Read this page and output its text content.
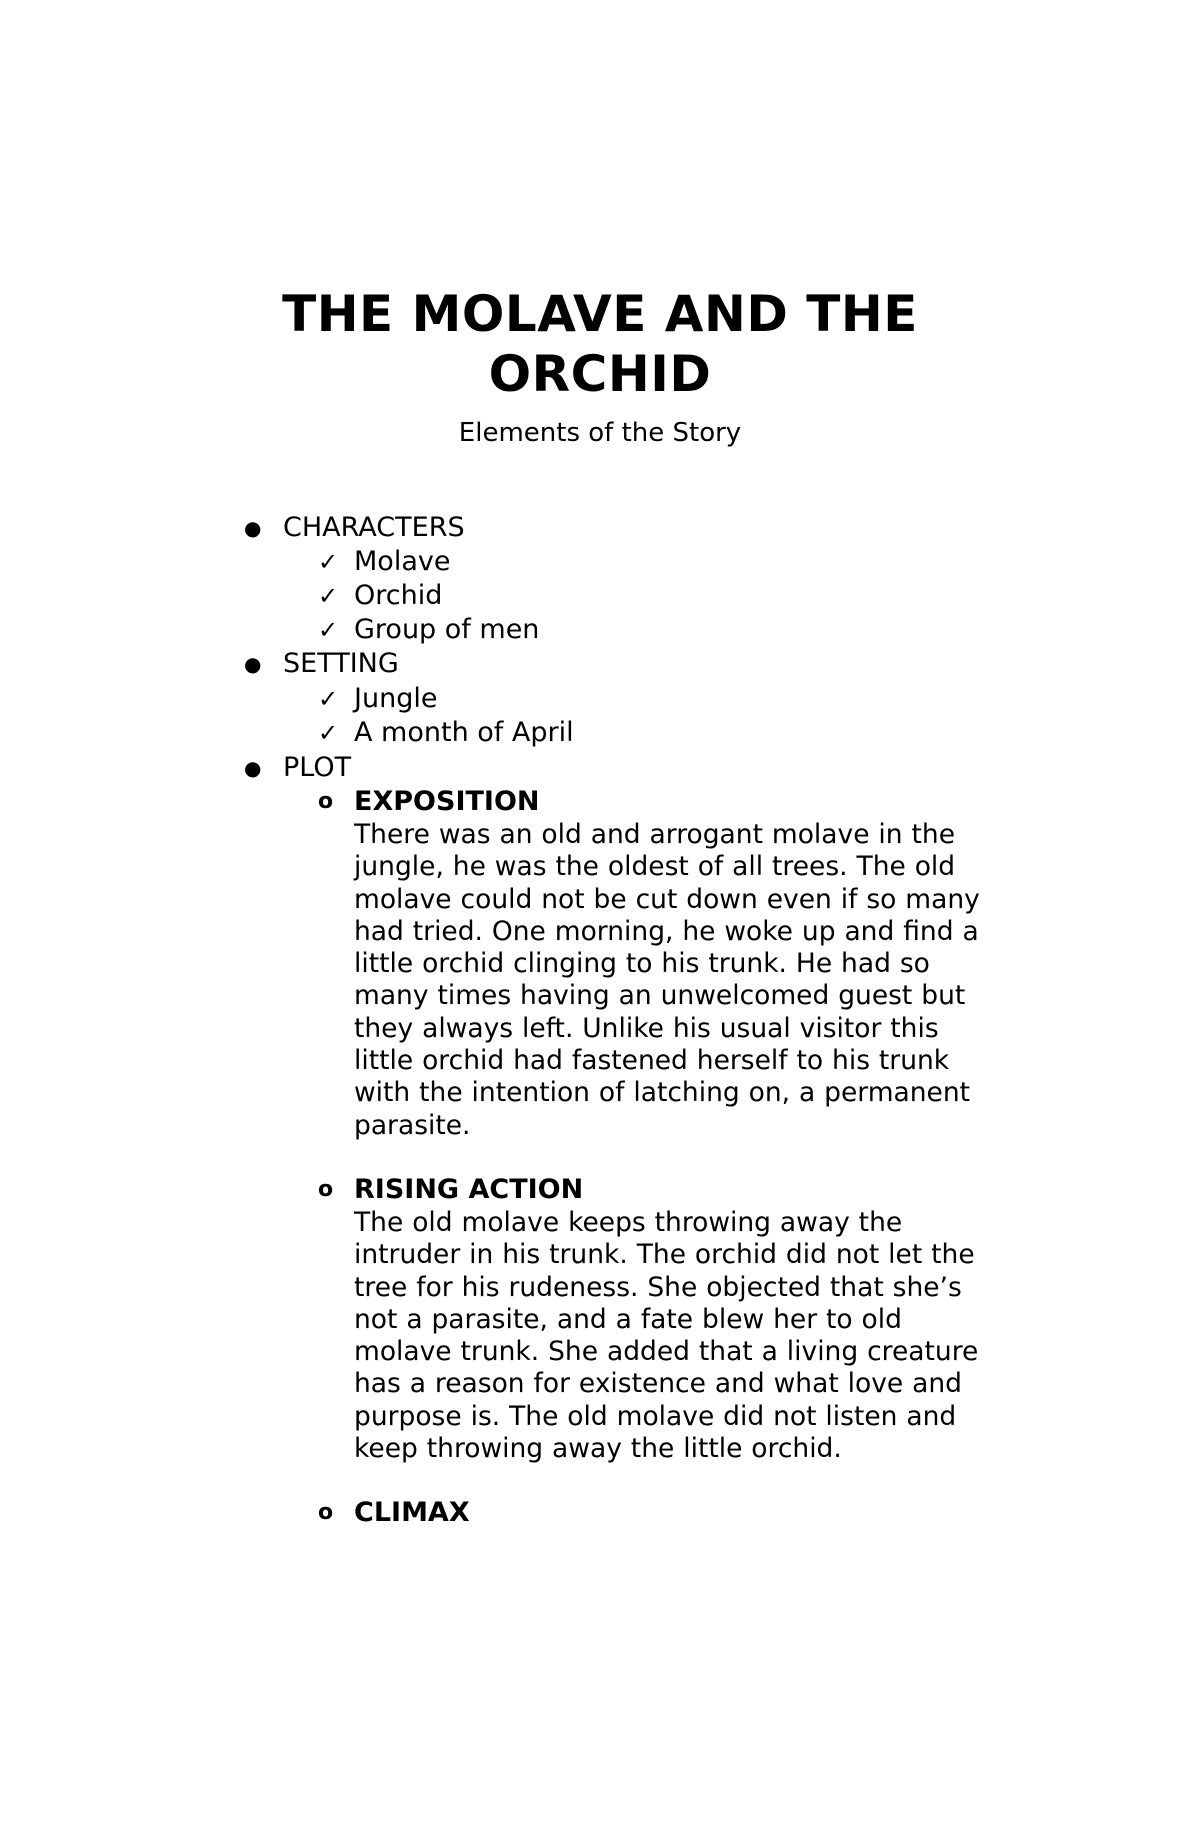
THE MOLAVE AND THE ORCHID
Elements of the Story
● CHARACTERS
✓ Molave
✓ Orchid
✓ Group of men
● SETTING
✓ Jungle
✓ A month of April
● PLOT
o EXPOSITION
There was an old and arrogant molave in the jungle, he was the oldest of all trees. The old molave could not be cut down even if so many had tried. One morning, he woke up and find a little orchid clinging to his trunk. He had so many times having an unwelcomed guest but they always left. Unlike his usual visitor this little orchid had fastened herself to his trunk with the intention of latching on, a permanent parasite.
o RISING ACTION
The old molave keeps throwing away the intruder in his trunk. The orchid did not let the tree for his rudeness. She objected that she’s not a parasite, and a fate blew her to old molave trunk. She added that a living creature has a reason for existence and what love and purpose is. The old molave did not listen and keep throwing away the little orchid.
o CLIMAX
